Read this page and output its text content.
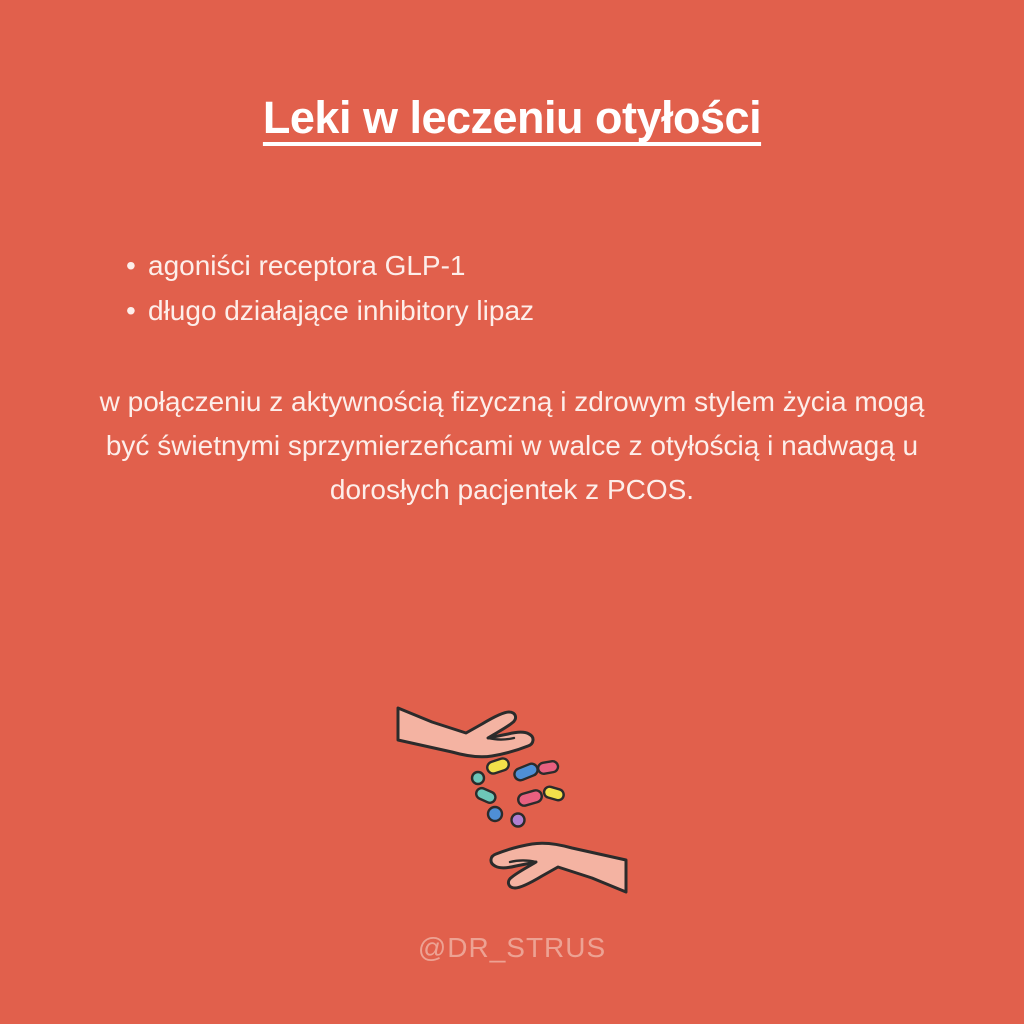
Leki w leczeniu otyłości
• agoniści receptora GLP-1
• długo działające inhibitory lipaz
w połączeniu z aktywnością fizyczną i zdrowym stylem życia mogą być świetnymi sprzymierzeńcami w walce z otyłością i nadwagą u dorosłych pacjentek z PCOS.
@DR_STRUS
